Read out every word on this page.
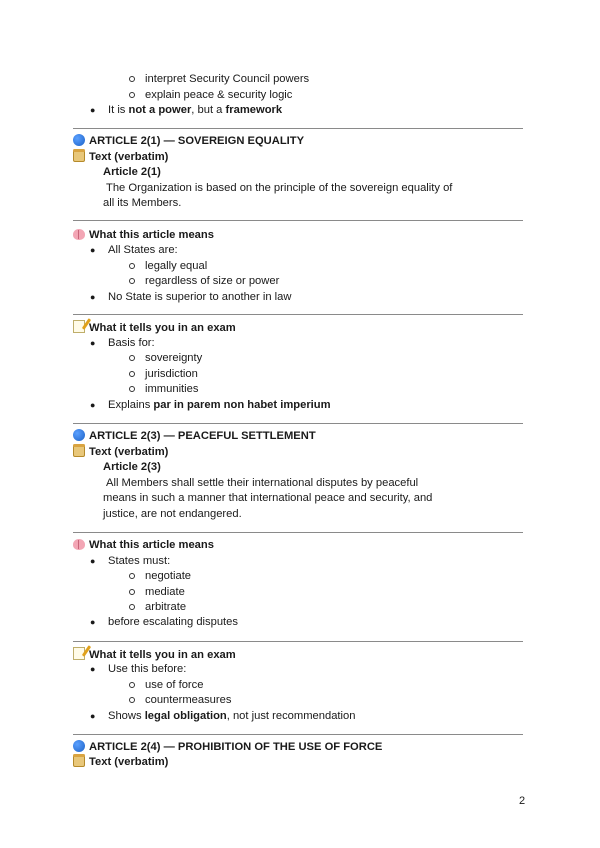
interpret Security Council powers
explain peace & security logic
● It is not a power, but a framework
ARTICLE 2(1) — SOVEREIGN EQUALITY
Text (verbatim)
Article 2(1)
The Organization is based on the principle of the sovereign equality of
all its Members.
What this article means
● All States are:
legally equal
regardless of size or power
● No State is superior to another in law
What it tells you in an exam
● Basis for:
sovereignty
jurisdiction
immunities
● Explains par in parem non habet imperium
ARTICLE 2(3) — PEACEFUL SETTLEMENT
Text (verbatim)
Article 2(3)
All Members shall settle their international disputes by peaceful
means in such a manner that international peace and security, and
justice, are not endangered.
What this article means
● States must:
negotiate
mediate
arbitrate
● before escalating disputes
What it tells you in an exam
● Use this before:
use of force
countermeasures
● Shows legal obligation, not just recommendation
ARTICLE 2(4) — PROHIBITION OF THE USE OF FORCE
Text (verbatim)
2
